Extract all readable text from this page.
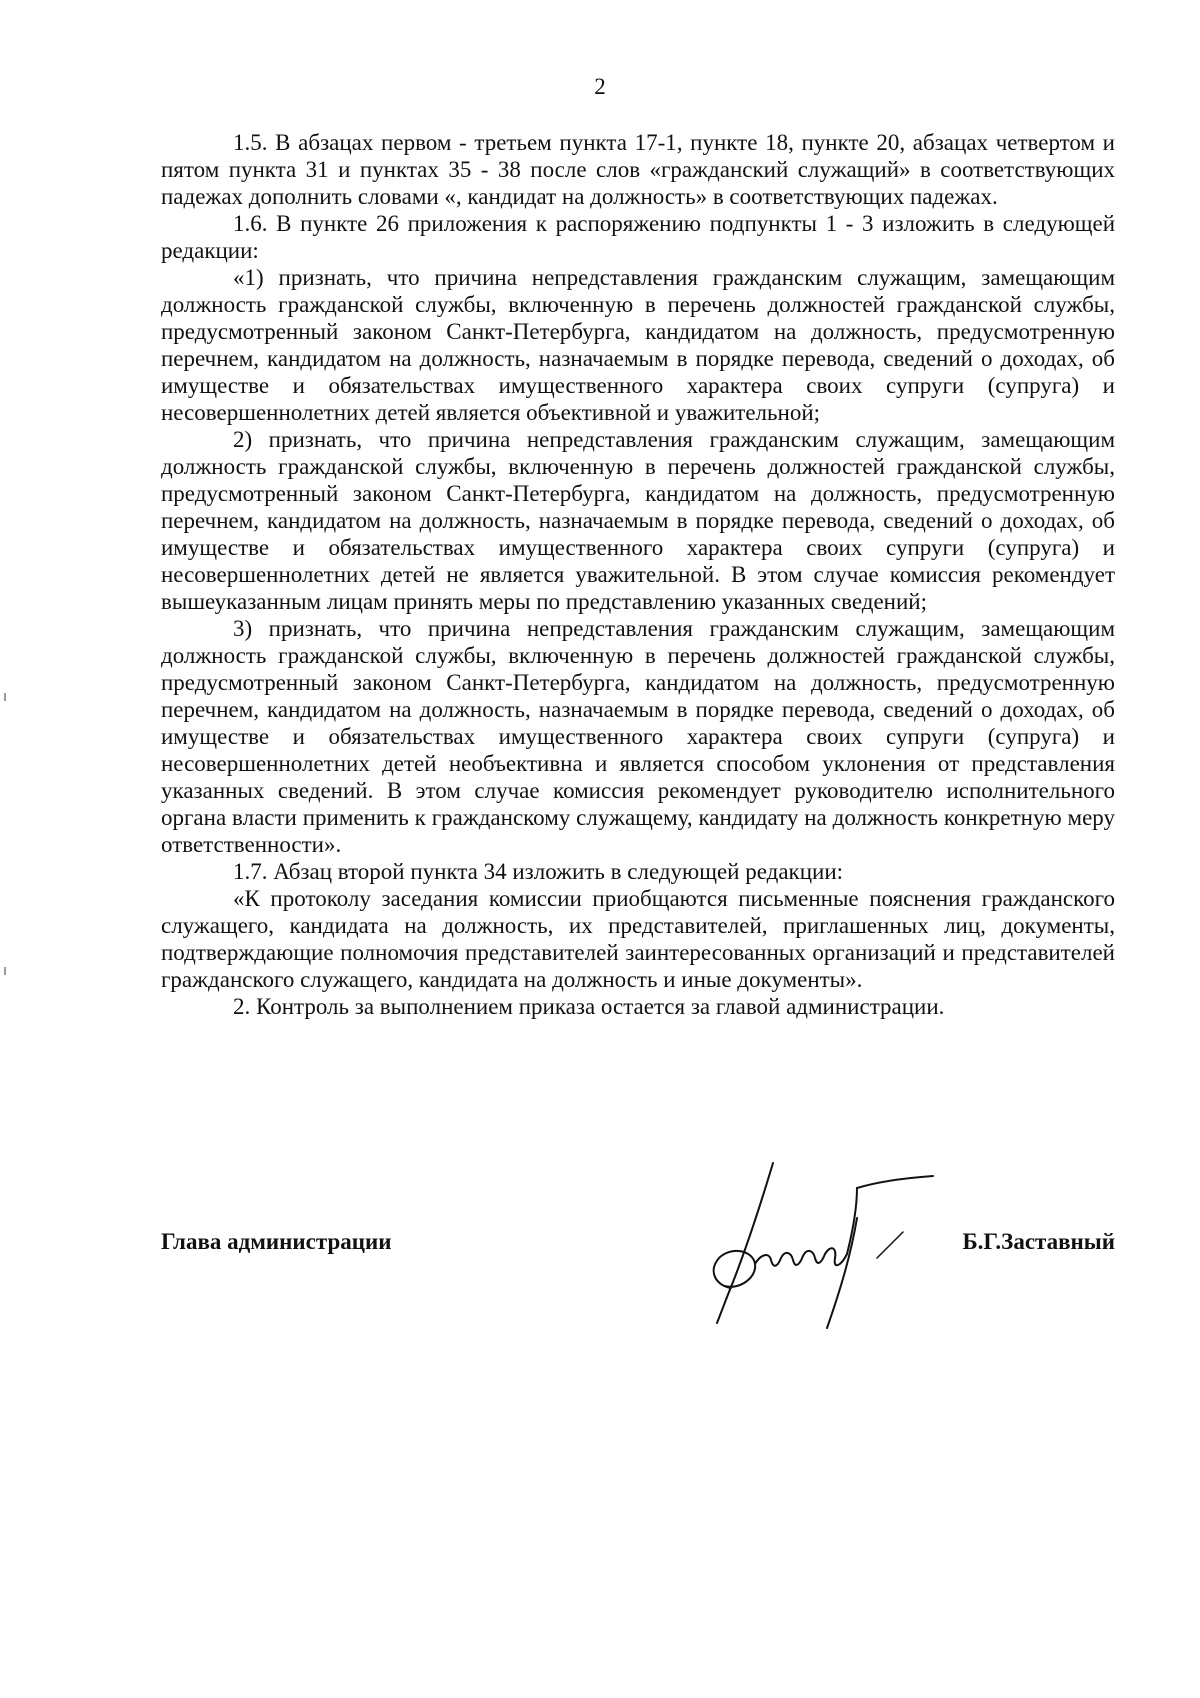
2

1.5. В абзацах первом - третьем пункта 17-1, пункте 18, пункте 20, абзацах четвертом и пятом пункта 31 и пунктах 35 - 38 после слов «гражданский служащий» в соответствующих падежах дополнить словами «, кандидат на должность» в соответствующих падежах.

1.6. В пункте 26 приложения к распоряжению подпункты 1 - 3 изложить в следующей редакции:

«1) признать, что причина непредставления гражданским служащим, замещающим должность гражданской службы, включенную в перечень должностей гражданской службы, предусмотренный законом Санкт-Петербурга, кандидатом на должность, предусмотренную перечнем, кандидатом на должность, назначаемым в порядке перевода, сведений о доходах, об имуществе и обязательствах имущественного характера своих супруги (супруга) и несовершеннолетних детей является объективной и уважительной;

2) признать, что причина непредставления гражданским служащим, замещающим должность гражданской службы, включенную в перечень должностей гражданской службы, предусмотренный законом Санкт-Петербурга, кандидатом на должность, предусмотренную перечнем, кандидатом на должность, назначаемым в порядке перевода, сведений о доходах, об имуществе и обязательствах имущественного характера своих супруги (супруга) и несовершеннолетних детей не является уважительной. В этом случае комиссия рекомендует вышеуказанным лицам принять меры по представлению указанных сведений;

3) признать, что причина непредставления гражданским служащим, замещающим должность гражданской службы, включенную в перечень должностей гражданской службы, предусмотренный законом Санкт-Петербурга, кандидатом на должность, предусмотренную перечнем, кандидатом на должность, назначаемым в порядке перевода, сведений о доходах, об имуществе и обязательствах имущественного характера своих супруги (супруга) и несовершеннолетних детей необъективна и является способом уклонения от представления указанных сведений. В этом случае комиссия рекомендует руководителю исполнительного органа власти применить к гражданскому служащему, кандидату на должность конкретную меру ответственности».

1.7. Абзац второй пункта 34 изложить в следующей редакции:

«К протоколу заседания комиссии приобщаются письменные пояснения гражданского служащего, кандидата на должность, их представителей, приглашенных лиц, документы, подтверждающие полномочия представителей заинтересованных организаций и представителей гражданского служащего, кандидата на должность и иные документы».

2. Контроль за выполнением приказа остается за главой администрации.

Глава администрации	Б.Г.Заставный
